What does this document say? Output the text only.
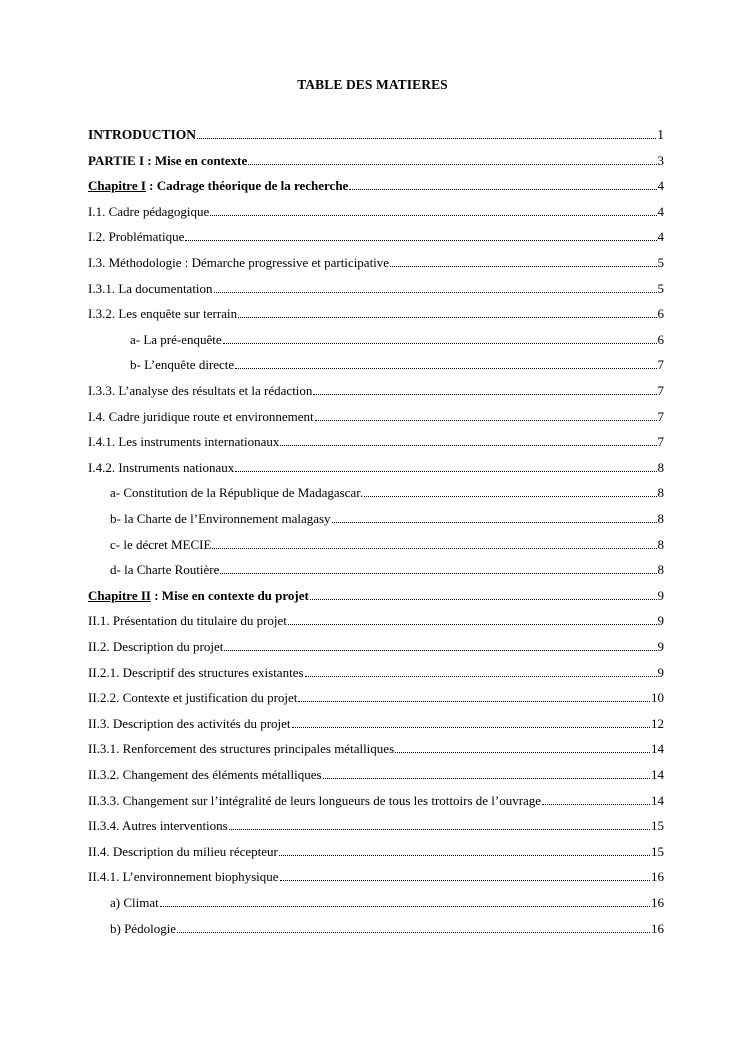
TABLE DES MATIERES
INTRODUCTION	1
PARTIE I : Mise en contexte	3
Chapitre I : Cadrage théorique de la recherche	4
I.1. Cadre pédagogique	4
I.2. Problématique	4
I.3. Méthodologie : Démarche progressive et participative	5
I.3.1. La documentation	5
I.3.2. Les enquête sur terrain	6
a- La pré-enquête	6
b- L’enquête directe	7
I.3.3. L’analyse des résultats et la rédaction	7
I.4. Cadre juridique route et environnement	7
I.4.1. Les instruments internationaux	7
I.4.2. Instruments nationaux	8
a- Constitution de la République de Madagascar.	8
b- la Charte de l’Environnement malagasy	8
c- le décret MECIE	8
d- la Charte Routière	8
Chapitre II : Mise en contexte du projet	9
II.1. Présentation du titulaire du projet	9
II.2. Description du projet	9
II.2.1. Descriptif des structures existantes	9
II.2.2. Contexte et justification du projet	10
II.3. Description des activités du projet	12
II.3.1. Renforcement des structures principales métalliques	14
II.3.2. Changement des éléments métalliques	14
II.3.3. Changement sur l’intégralité de leurs longueurs de tous les trottoirs de l’ouvrage	14
II.3.4. Autres interventions	15
II.4. Description du milieu récepteur	15
II.4.1. L’environnement biophysique	16
a) Climat	16
b) Pédologie	16
